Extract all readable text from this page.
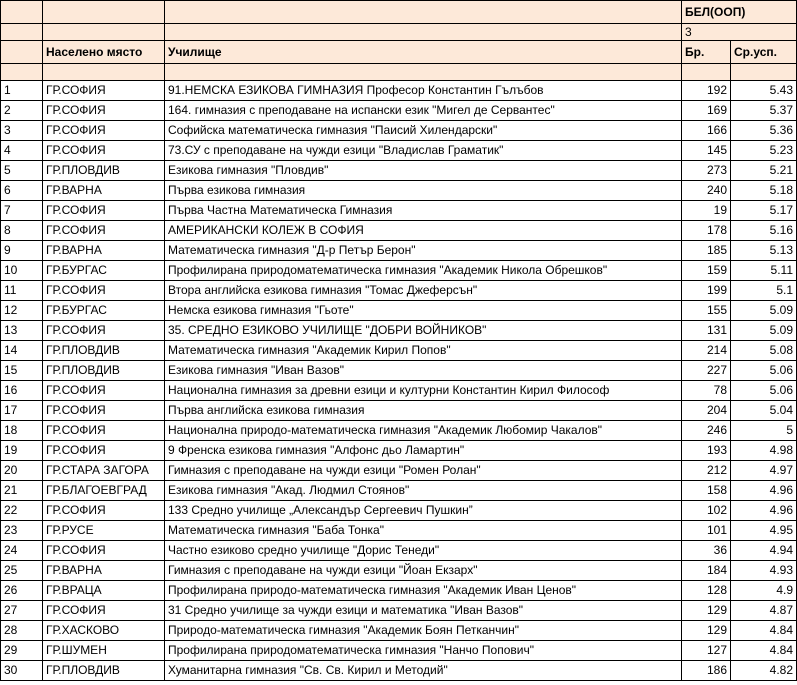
			БЕЛ(ООП)	
			3	
	Населено място	Училище	Бр.	Ср.усп.

1	ГР.СОФИЯ	91.НЕМСКА ЕЗИКОВА ГИМНАЗИЯ Професор Константин Гълъбов	192	5.43
2	ГР.СОФИЯ	164. гимназия с преподаване на испански език "Мигел де Сервантес"	169	5.37
3	ГР.СОФИЯ	Софийска математическа гимназия "Паисий Хилендарски"	166	5.36
4	ГР.СОФИЯ	73.СУ с преподаване на чужди езици "Владислав Граматик"	145	5.23
5	ГР.ПЛОВДИВ	Езикова гимназия "Пловдив"	273	5.21
6	ГР.ВАРНА	Първа езикова гимназия	240	5.18
7	ГР.СОФИЯ	Първа Частна Математическа Гимназия	19	5.17
8	ГР.СОФИЯ	АМЕРИКАНСКИ КОЛЕЖ В СОФИЯ	178	5.16
9	ГР.ВАРНА	Математическа гимназия "Д-р Петър Берон"	185	5.13
10	ГР.БУРГАС	Профилирана природоматематическа гимназия "Академик Никола Обрешков"	159	5.11
11	ГР.СОФИЯ	Втора английска езикова гимназия "Томас Джеферсън"	199	5.1
12	ГР.БУРГАС	Немска езикова гимназия "Гьоте"	155	5.09
13	ГР.СОФИЯ	35. СРЕДНО ЕЗИКОВО УЧИЛИЩЕ "ДОБРИ ВОЙНИКОВ"	131	5.09
14	ГР.ПЛОВДИВ	Математическа гимназия "Академик Кирил Попов"	214	5.08
15	ГР.ПЛОВДИВ	Езикова гимназия "Иван Вазов"	227	5.06
16	ГР.СОФИЯ	Национална гимназия за древни езици и културни Константин Кирил Философ	78	5.06
17	ГР.СОФИЯ	Първа английска езикова гимназия	204	5.04
18	ГР.СОФИЯ	Национална природо-математическа гимназия "Академик Любомир Чакалов"	246	5
19	ГР.СОФИЯ	9 Френска езикова гимназия "Алфонс дьо Ламартин"	193	4.98
20	ГР.СТАРА ЗАГОРА	Гимназия с преподаване на чужди езици "Ромен Ролан"	212	4.97
21	ГР.БЛАГОЕВГРАД	Езикова гимназия "Акад. Людмил Стоянов"	158	4.96
22	ГР.СОФИЯ	133 Средно училище „Александър Сергеевич Пушкин”	102	4.96
23	ГР.РУСЕ	Математическа гимназия "Баба Тонка"	101	4.95
24	ГР.СОФИЯ	Частно езиково средно училище "Дорис Тенеди"	36	4.94
25	ГР.ВАРНА	Гимназия с преподаване на чужди езици "Йоан Екзарх"	184	4.93
26	ГР.ВРАЦА	Профилирана природо-математическа гимназия "Академик Иван Ценов"	128	4.9
27	ГР.СОФИЯ	31 Средно училище за чужди езици и математика "Иван Вазов"	129	4.87
28	ГР.ХАСКОВО	Природо-математическа гимназия "Академик Боян Петканчин"	129	4.84
29	ГР.ШУМЕН	Профилирана природоматематическа гимназия "Нанчо Попович"	127	4.84
30	ГР.ПЛОВДИВ	Хуманитарна гимназия "Св. Св. Кирил и Методий"	186	4.82
